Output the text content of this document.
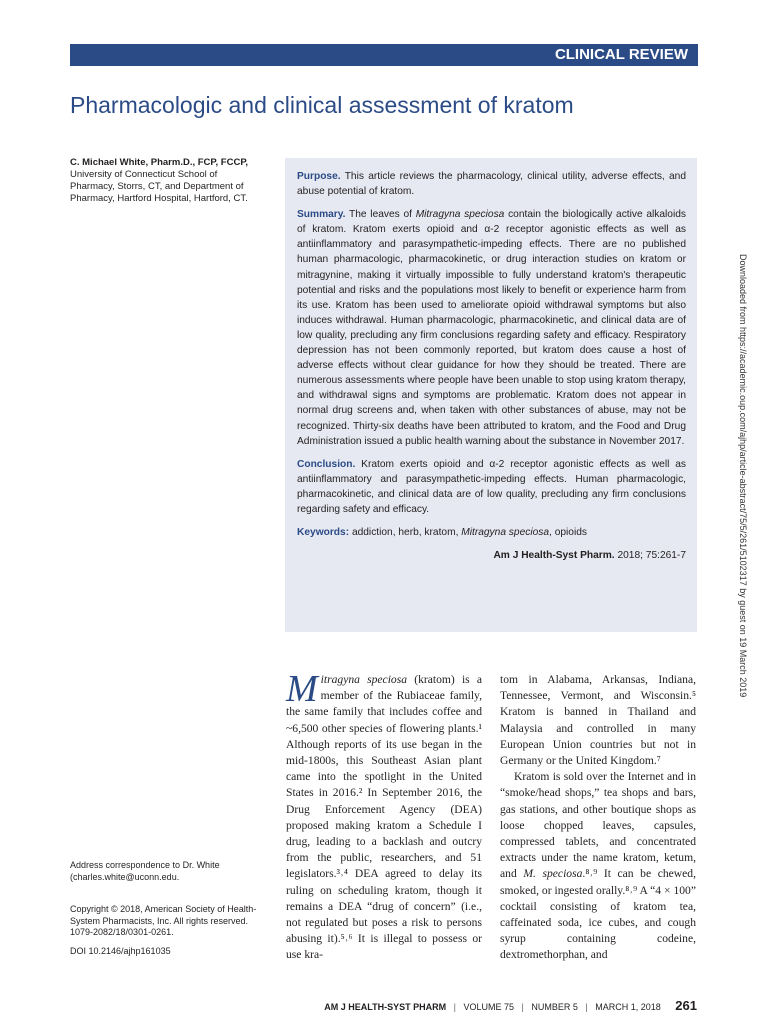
CLINICAL REVIEW
Pharmacologic and clinical assessment of kratom
C. Michael White, Pharm.D., FCP, FCCP, University of Connecticut School of Pharmacy, Storrs, CT, and Department of Pharmacy, Hartford Hospital, Hartford, CT.

Purpose. This article reviews the pharmacology, clinical utility, adverse effects, and abuse potential of kratom.

Summary. The leaves of Mitragyna speciosa contain the biologically active alkaloids of kratom. Kratom exerts opioid and α-2 receptor agonistic effects as well as antiinflammatory and parasympathetic-impeding effects. There are no published human pharmacologic, pharmacokinetic, or drug interaction studies on kratom or mitragynine, making it virtually impossible to fully understand kratom's therapeutic potential and risks and the populations most likely to benefit or experience harm from its use. Kratom has been used to ameliorate opioid withdrawal symptoms but also induces withdrawal. Human pharmacologic, pharmacokinetic, and clinical data are of low quality, precluding any firm conclusions regarding safety and efficacy. Respiratory depression has not been commonly reported, but kratom does cause a host of adverse effects without clear guidance for how they should be treated. There are numerous assessments where people have been unable to stop using kratom therapy, and withdrawal signs and symptoms are problematic. Kratom does not appear in normal drug screens and, when taken with other substances of abuse, may not be recognized. Thirty-six deaths have been attributed to kratom, and the Food and Drug Administration issued a public health warning about the substance in November 2017.

Conclusion. Kratom exerts opioid and α-2 receptor agonistic effects as well as antiinflammatory and parasympathetic-impeding effects. Human pharmacologic, pharmacokinetic, and clinical data are of low quality, precluding any firm conclusions regarding safety and efficacy.

Keywords: addiction, herb, kratom, Mitragyna speciosa, opioids

Am J Health-Syst Pharm. 2018; 75:261-7	Downloaded from https://academic.oup.com/ajhp/article-abstract/75/5/261/5102317 by guest on 19 March 2019
Address correspondence to Dr. White (charles.white@uconn.edu.
Copyright © 2018, American Society of Health-System Pharmacists, Inc. All rights reserved. 1079-2082/18/0301-0261.
DOI 10.2146/ajhp161035

Mitragyna speciosa (kratom) is a member of the Rubiaceae family, the same family that includes coffee and ~6,500 other species of flowering plants.¹ Although reports of its use began in the mid-1800s, this Southeast Asian plant came into the spotlight in the United States in 2016.² In September 2016, the Drug Enforcement Agency (DEA) proposed making kratom a Schedule I drug, leading to a backlash and outcry from the public, researchers, and 51 legislators.³˒⁴ DEA agreed to delay its ruling on scheduling kratom, though it remains a DEA “drug of concern” (i.e., not regulated but poses a risk to persons abusing it).⁵˒⁶ It is illegal to possess or use kra-

tom in Alabama, Arkansas, Indiana, Tennessee, Vermont, and Wisconsin.⁵ Kratom is banned in Thailand and Malaysia and controlled in many European Union countries but not in Germany or the United Kingdom.⁷

Kratom is sold over the Internet and in “smoke/head shops,” tea shops and bars, gas stations, and other boutique shops as loose chopped leaves, capsules, compressed tablets, and concentrated extracts under the name kratom, ketum, and M. speciosa.⁸˒⁹ It can be chewed, smoked, or ingested orally.⁸˒⁹ A “4 × 100” cocktail consisting of kratom tea, caffeinated soda, ice cubes, and cough syrup containing codeine, dextromethorphan, and

AM J HEALTH-SYST PHARM | VOLUME 75 | NUMBER 5 | MARCH 1, 2018 261
